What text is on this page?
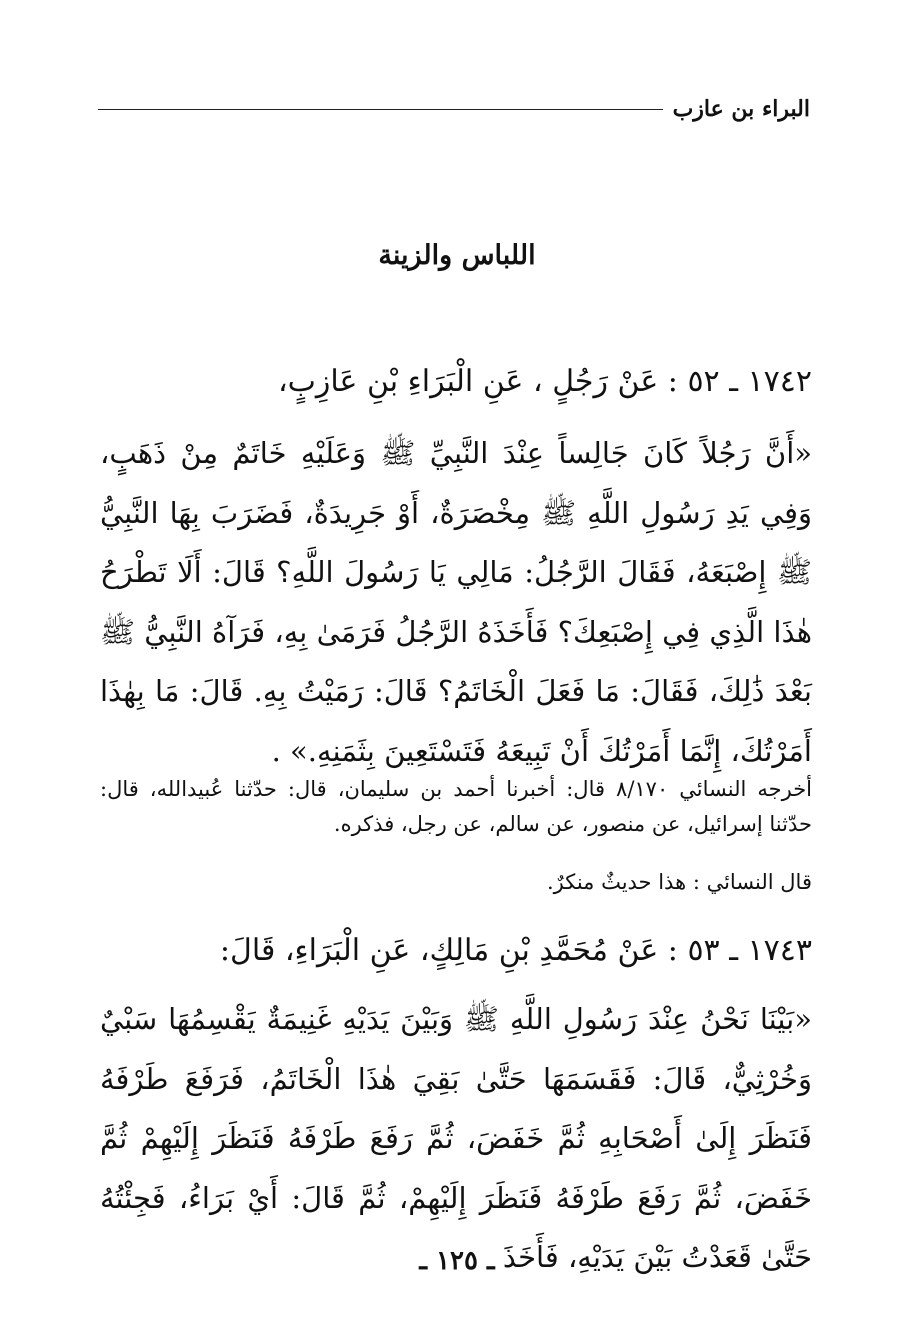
البراء بن عازب
اللباس والزينة
١٧٤٢ ـ ٥٢ : عَنْ رَجُلٍ ، عَنِ الْبَرَاءِ بْنِ عَازِبٍ،
«أَنَّ رَجُلاً كَانَ جَالِساً عِنْدَ النَّبِيِّ ﷺ وَعَلَيْهِ خَاتَمٌ مِنْ ذَهَبٍ، وَفِي يَدِ رَسُولِ اللَّهِ ﷺ مِخْصَرَةٌ، أَوْ جَرِيدَةٌ، فَضَرَبَ بِهَا النَّبِيُّ ﷺ إِصْبَعَهُ، فَقَالَ الرَّجُلُ: مَالِي يَا رَسُولَ اللَّهِ؟ قَالَ: أَلَا تَطْرَحُ هٰذَا الَّذِي فِي إِصْبَعِكَ؟ فَأَخَذَهُ الرَّجُلُ فَرَمَىٰ بِهِ، فَرَآهُ النَّبِيُّ ﷺ بَعْدَ ذَٰلِكَ، فَقَالَ: مَا فَعَلَ الْخَاتَمُ؟ قَالَ: رَمَيْتُ بِهِ. قَالَ: مَا بِهٰذَا أَمَرْتُكَ، إِنَّمَا أَمَرْتُكَ أَنْ تَبِيعَهُ فَتَسْتَعِينَ بِثَمَنِهِ.» .
أخرجه النسائي ٨/١٧٠ قال: أخبرنا أحمد بن سليمان، قال: حدّثنا عُبيدالله، قال: حدّثنا إسرائيل، عن منصور، عن سالم، عن رجل، فذكره.
قال النسائي : هذا حديثٌ منكرٌ.
١٧٤٣ ـ ٥٣ : عَنْ مُحَمَّدِ بْنِ مَالِكٍ، عَنِ الْبَرَاءِ، قَالَ:
«بَيْنَا نَحْنُ عِنْدَ رَسُولِ اللَّهِ ﷺ وَبَيْنَ يَدَيْهِ غَنِيمَةٌ يَقْسِمُهَا سَبْيٌ وَخُرْثِيٌّ، قَالَ: فَقَسَمَهَا حَتَّىٰ بَقِيَ هٰذَا الْخَاتَمُ، فَرَفَعَ طَرْفَهُ فَنَظَرَ إِلَىٰ أَصْحَابِهِ ثُمَّ خَفَضَ، ثُمَّ رَفَعَ طَرْفَهُ فَنَظَرَ إِلَيْهِمْ ثُمَّ خَفَضَ، ثُمَّ رَفَعَ طَرْفَهُ فَنَظَرَ إِلَيْهِمْ، ثُمَّ قَالَ: أَيْ بَرَاءُ، فَجِئْتُهُ حَتَّىٰ قَعَدْتُ بَيْنَ يَدَيْهِ، فَأَخَذَ
ـ ١٢٥ ـ
